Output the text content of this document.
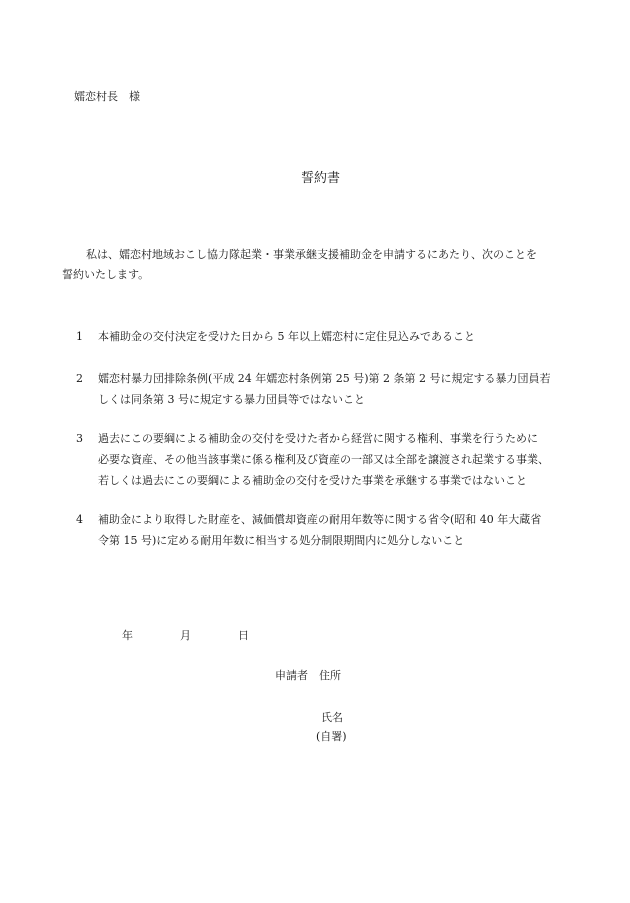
嬬恋村長　様
誓約書
私は、嬬恋村地域おこし協力隊起業・事業承継支援補助金を申請するにあたり、次のことを
誓約いたします。
1	本補助金の交付決定を受けた日から 5 年以上嬬恋村に定住見込みであること
2	嬬恋村暴力団排除条例(平成 24 年嬬恋村条例第 25 号)第 2 条第 2 号に規定する暴力団員若
しくは同条第 3 号に規定する暴力団員等ではないこと
3	過去にこの要綱による補助金の交付を受けた者から経営に関する権利、事業を行うために
必要な資産、その他当該事業に係る権利及び資産の一部又は全部を譲渡され起業する事業、
若しくは過去にこの要綱による補助金の交付を受けた事業を承継する事業ではないこと
4	補助金により取得した財産を、減価償却資産の耐用年数等に関する省令(昭和 40 年大蔵省
令第 15 号)に定める耐用年数に相当する処分制限期間内に処分しないこと
年	月	日
申請者　住所
氏名
(自署)
